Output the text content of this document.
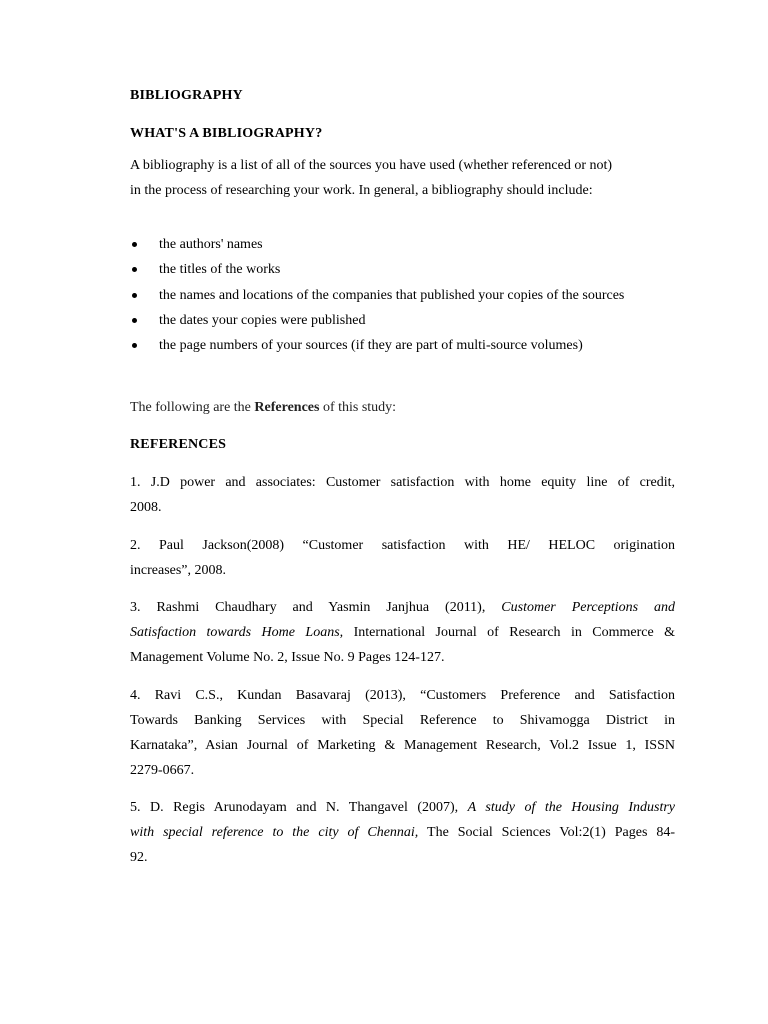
BIBLIOGRAPHY
WHAT'S A BIBLIOGRAPHY?
A bibliography is a list of all of the sources you have used (whether referenced or not)
in the process of researching your work. In general, a bibliography should include:
the authors' names
the titles of the works
the names and locations of the companies that published your copies of the sources
the dates your copies were published
the page numbers of your sources (if they are part of multi-source volumes)
The following are the References of this study:
REFERENCES
1. J.D power and associates: Customer satisfaction with home equity line of credit,
2008.
2. Paul Jackson(2008) “Customer satisfaction with HE/ HELOC origination
increases”, 2008.
3. Rashmi Chaudhary and Yasmin Janjhua (2011), Customer Perceptions and
Satisfaction towards Home Loans, International Journal of Research in Commerce &
Management Volume No. 2, Issue No. 9 Pages 124-127.
4. Ravi C.S., Kundan Basavaraj (2013), “Customers Preference and Satisfaction
Towards Banking Services with Special Reference to Shivamogga District in
Karnataka”, Asian Journal of Marketing & Management Research, Vol.2 Issue 1, ISSN
2279-0667.
5. D. Regis Arunodayam and N. Thangavel (2007), A study of the Housing Industry
with special reference to the city of Chennai, The Social Sciences Vol:2(1) Pages 84-
92.
